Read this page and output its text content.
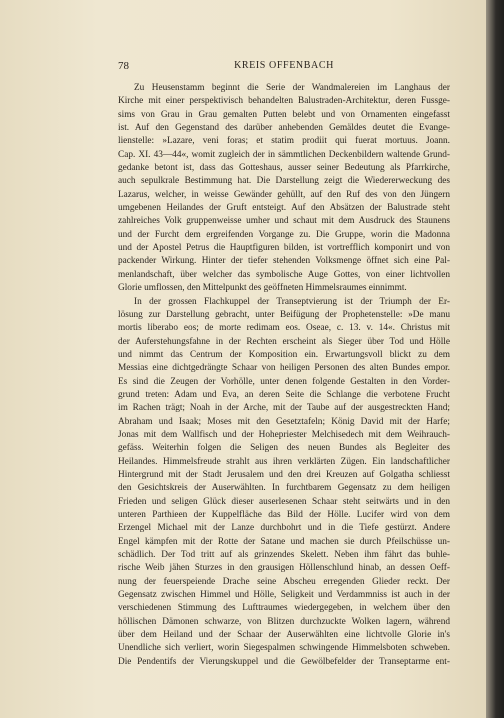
78	KREIS OFFENBACH
Zu Heusenstamm beginnt die Serie der Wandmalereien im Langhaus der
Kirche mit einer perspektivisch behandelten Balustraden-Architektur, deren Fussge-
sims von Grau in Grau gemalten Putten belebt und von Ornamenten eingefasst
ist. Auf den Gegenstand des darüber anhebenden Gemäldes deutet die Evange-
lienstelle: »Lazare, veni foras; et statim prodiit qui fuerat mortuus. Joann.
Cap. XI. 43—44«, womit zugleich der in sämmtlichen Deckenbildern waltende Grund-
gedanke betont ist, dass das Gotteshaus, ausser seiner Bedeutung als Pfarrkirche,
auch sepulkrale Bestimmung hat. Die Darstellung zeigt die Wiedererweckung des
Lazarus, welcher, in weisse Gewänder gehüllt, auf den Ruf des von den Jüngern
umgebenen Heilandes der Gruft entsteigt. Auf den Absätzen der Balustrade steht
zahlreiches Volk gruppenweisse umher und schaut mit dem Ausdruck des Staunens
und der Furcht dem ergreifenden Vorgange zu. Die Gruppe, worin die Madonna
und der Apostel Petrus die Hauptfiguren bilden, ist vortrefflich komponirt und von
packender Wirkung. Hinter der tiefer stehenden Volksmenge öffnet sich eine Pal-
menlandschaft, über welcher das symbolische Auge Gottes, von einer lichtvollen
Glorie umflossen, den Mittelpunkt des geöffneten Himmelsraumes einnimmt.
In der grossen Flachkuppel der Transeptvierung ist der Triumph der Er-
lösung zur Darstellung gebracht, unter Beifügung der Prophetenstelle: »De manu
mortis liberabo eos; de morte redimam eos. Oseae, c. 13. v. 14«. Christus mit
der Auferstehungsfahne in der Rechten erscheint als Sieger über Tod und Hölle
und nimmt das Centrum der Komposition ein. Erwartungsvoll blickt zu dem
Messias eine dichtgedrängte Schaar von heiligen Personen des alten Bundes empor.
Es sind die Zeugen der Vorhölle, unter denen folgende Gestalten in den Vorder-
grund treten: Adam und Eva, an deren Seite die Schlange die verbotene Frucht
im Rachen trägt; Noah in der Arche, mit der Taube auf der ausgestreckten Hand;
Abraham und Isaak; Moses mit den Gesetztafeln; König David mit der Harfe;
Jonas mit dem Wallfisch und der Hohepriester Melchisedech mit dem Weihrauch-
gefäss. Weiterhin folgen die Seligen des neuen Bundes als Begleiter des
Heilandes. Himmelsfreude strahlt aus ihren verklärten Zügen. Ein landschaftlicher
Hintergrund mit der Stadt Jerusalem und den drei Kreuzen auf Golgatha schliesst
den Gesichtskreis der Auserwählten. In furchtbarem Gegensatz zu dem heiligen
Frieden und seligen Glück dieser auserlesenen Schaar steht seitwärts und in den
unteren Parthieen der Kuppelfläche das Bild der Hölle. Lucifer wird von dem
Erzengel Michael mit der Lanze durchbohrt und in die Tiefe gestürzt. Andere
Engel kämpfen mit der Rotte der Satane und machen sie durch Pfeilschüsse un-
schädlich. Der Tod tritt auf als grinzendes Skelett. Neben ihm fährt das buhle-
rische Weib jähen Sturzes in den grausigen Höllenschlund hinab, an dessen Oeff-
nung der feuerspeiende Drache seine Abscheu erregenden Glieder reckt. Der
Gegensatz zwischen Himmel und Hölle, Seligkeit und Verdammniss ist auch in der
verschiedenen Stimmung des Lufttraumes wiedergegeben, in welchem über den
höllischen Dämonen schwarze, von Blitzen durchzuckte Wolken lagern, während
über dem Heiland und der Schaar der Auserwählten eine lichtvolle Glorie in's
Unendliche sich verliert, worin Siegespalmen schwingende Himmelsboten schweben.
Die Pendentifs der Vierungskuppel und die Gewölbefelder der Transeptarme ent-
